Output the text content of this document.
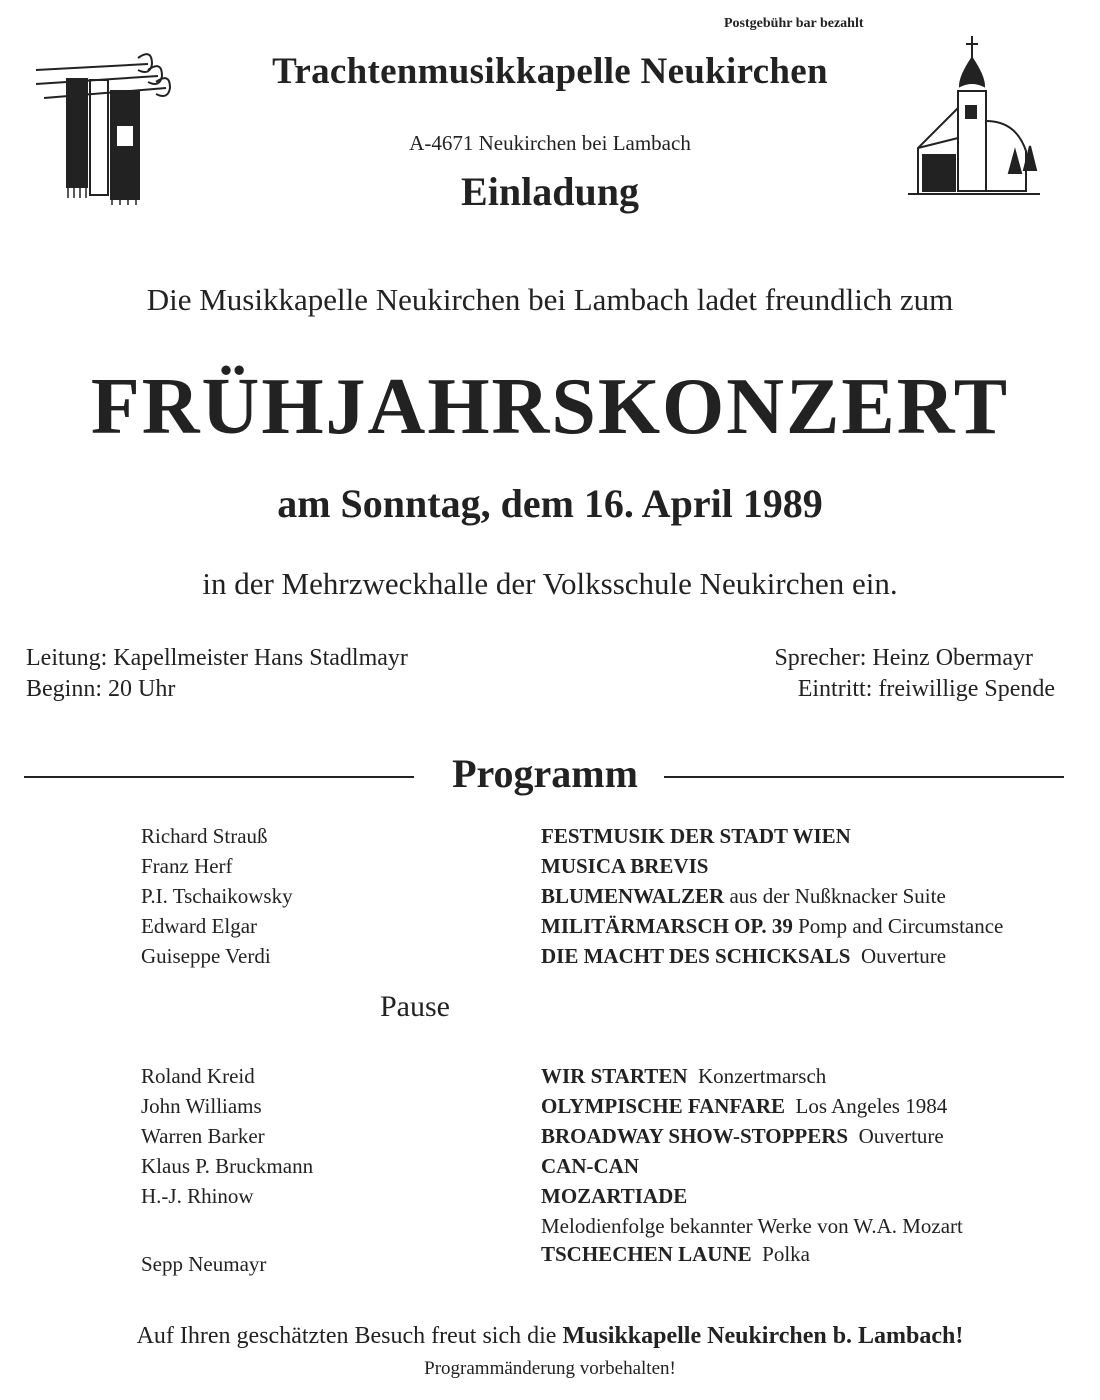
Postgebühr bar bezahlt
Trachtenmusikkapelle Neukirchen
A-4671 Neukirchen bei Lambach
Einladung
Die Musikkapelle Neukirchen bei Lambach ladet freundlich zum
FRÜHJAHRSKONZERT
am Sonntag, dem 16. April 1989
in der Mehrzweckhalle der Volksschule Neukirchen ein.
Leitung: Kapellmeister Hans Stadlmayr
Beginn: 20 Uhr
Sprecher: Heinz Obermayr
Eintritt: freiwillige Spende
Programm
Richard Strauß	FESTMUSIK DER STADT WIEN
Franz Herf	MUSICA BREVIS
P.I. Tschaikowsky	BLUMENWALZER aus der Nußknacker Suite
Edward Elgar	MILITÄRMARSCH OP. 39 Pomp and Circumstance
Guiseppe Verdi	DIE MACHT DES SCHICKSALS Ouverture
Pause
Roland Kreid	WIR STARTEN Konzertmarsch
John Williams	OLYMPISCHE FANFARE Los Angeles 1984
Warren Barker	BROADWAY SHOW-STOPPERS Ouverture
Klaus P. Bruckmann	CAN-CAN
H.-J. Rhinow	MOZARTIADE
Melodienfolge bekannter Werke von W.A. Mozart
Sepp Neumayr	TSCHECHEN LAUNE Polka
Auf Ihren geschätzten Besuch freut sich die Musikkapelle Neukirchen b. Lambach!
Programmänderung vorbehalten!
